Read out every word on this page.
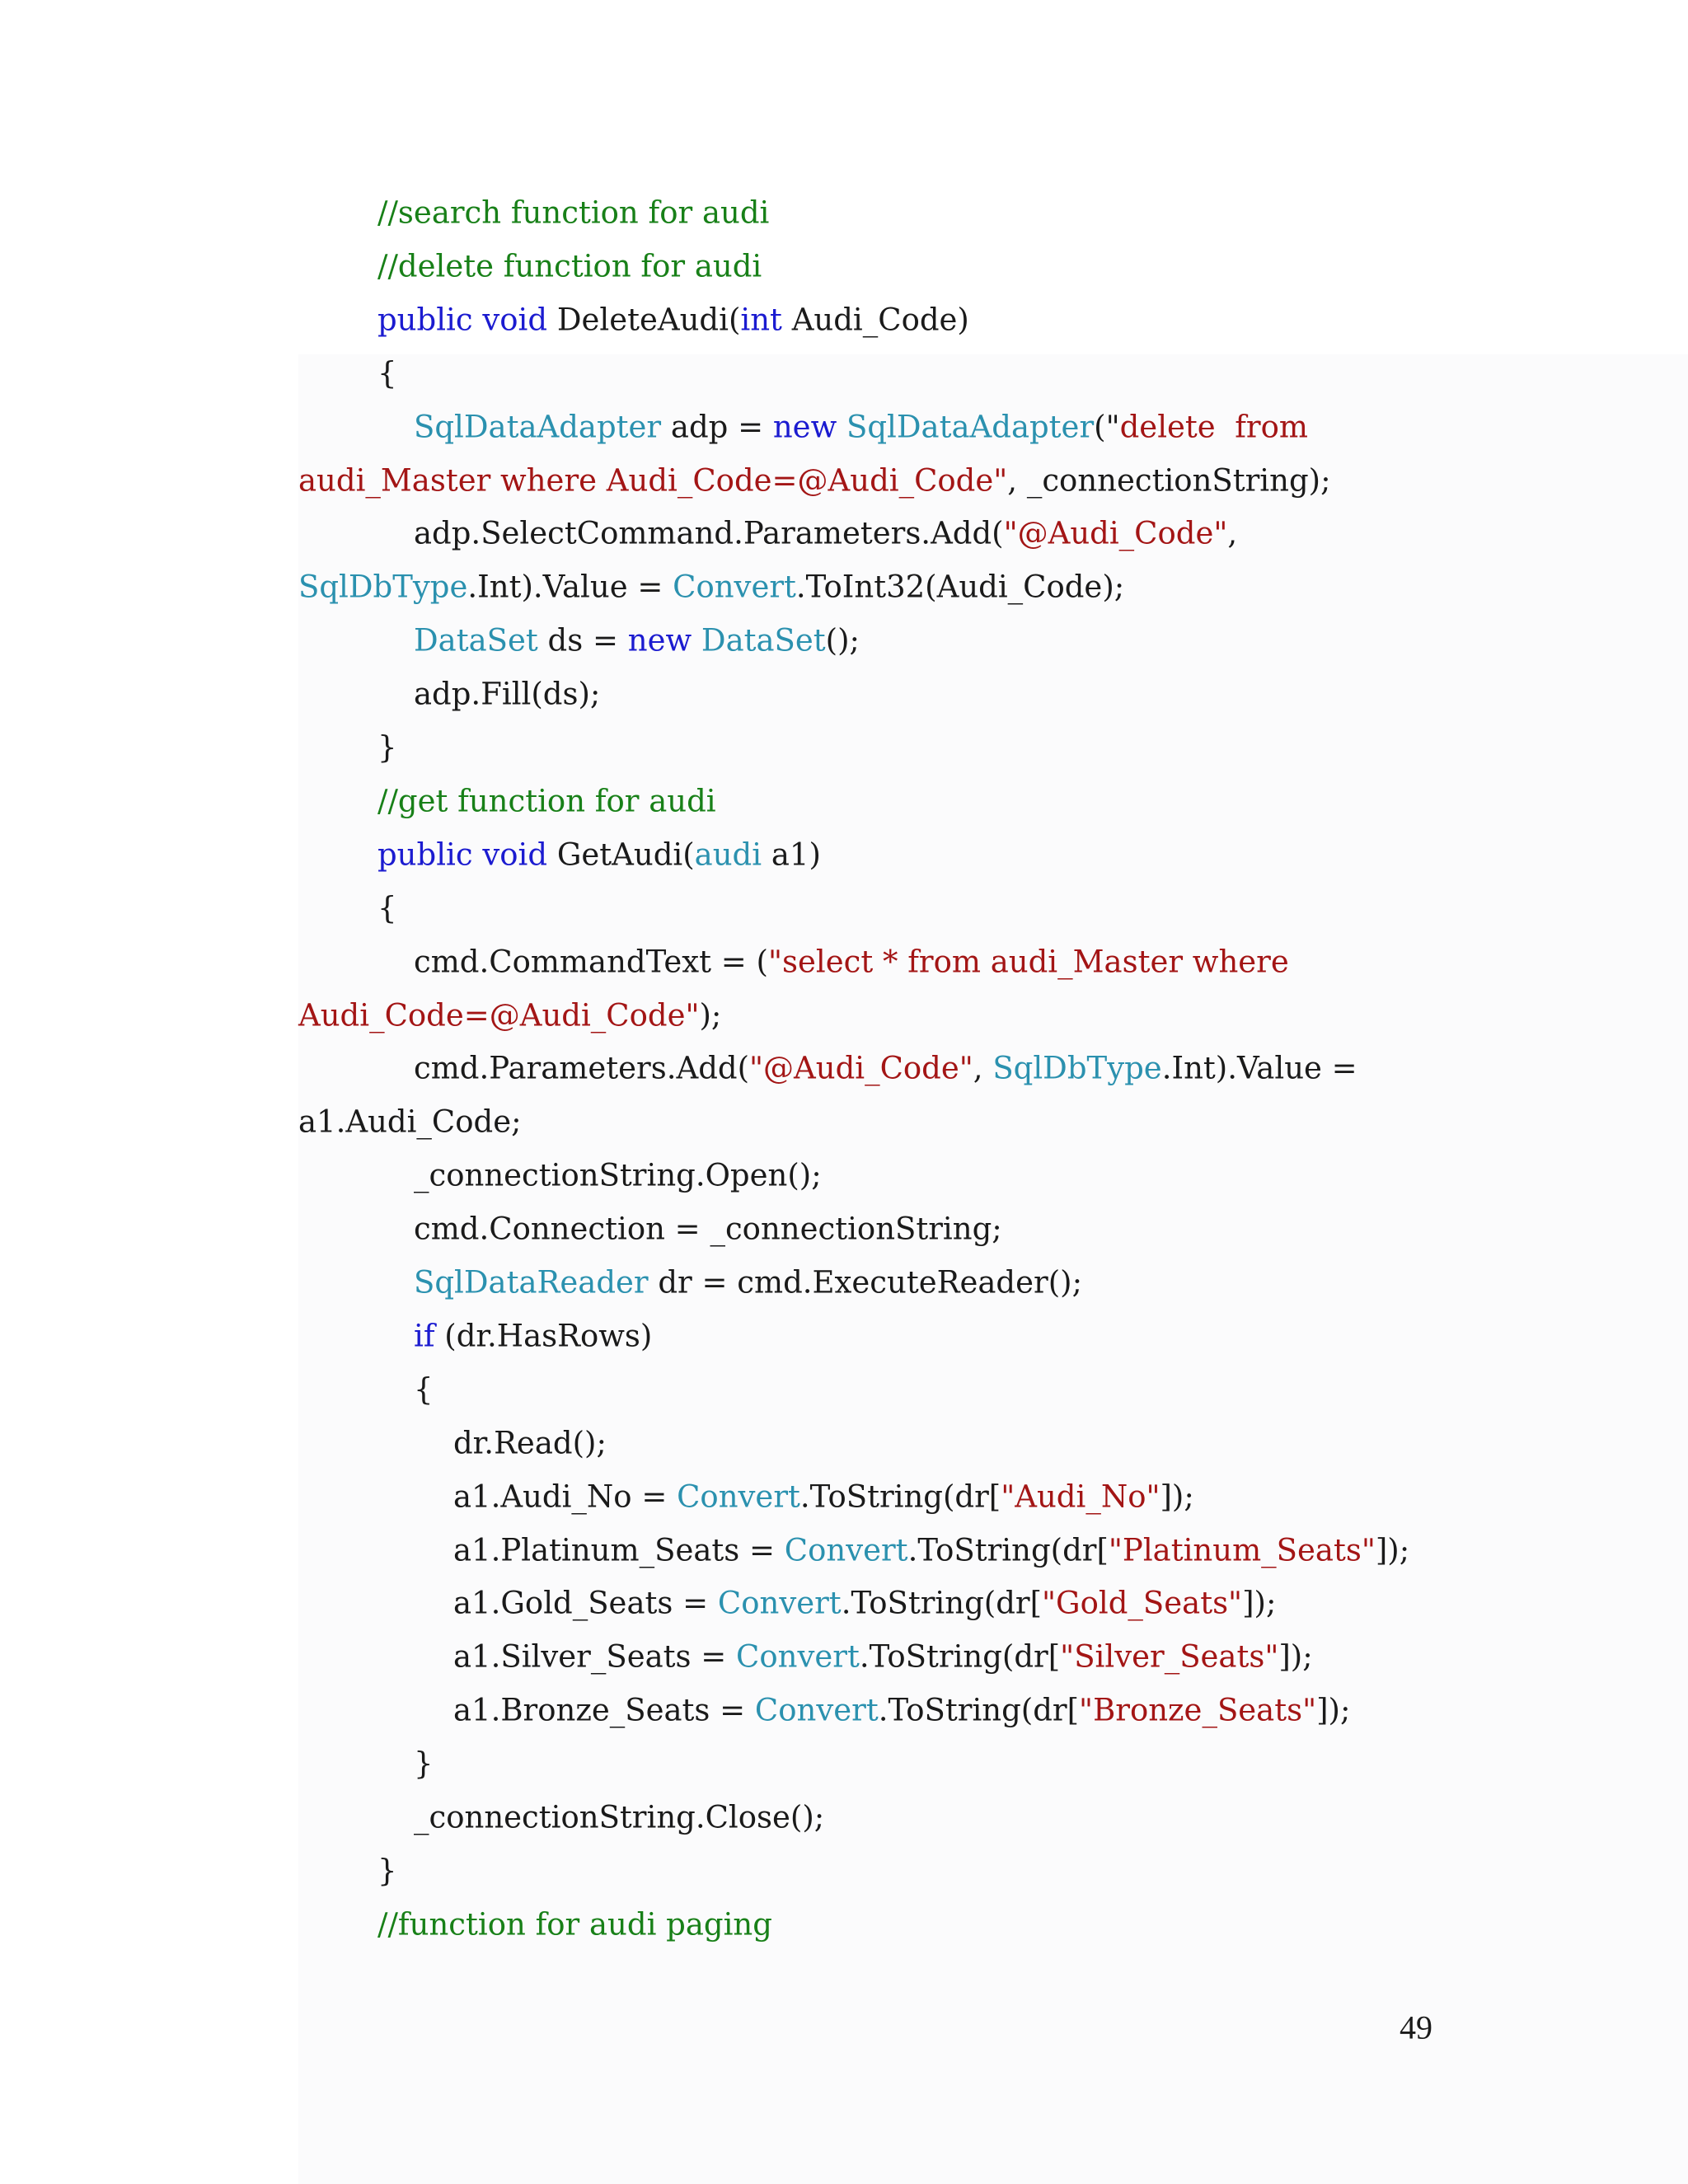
//search function for audi
//delete function for audi
public void DeleteAudi(int Audi_Code)
{
SqlDataAdapter adp = new SqlDataAdapter("delete  from
audi_Master where Audi_Code=@Audi_Code", _connectionString);
adp.SelectCommand.Parameters.Add("@Audi_Code",
SqlDbType.Int).Value = Convert.ToInt32(Audi_Code);
DataSet ds = new DataSet();
adp.Fill(ds);
}
//get function for audi
public void GetAudi(audi a1)
{
cmd.CommandText = ("select * from audi_Master where
Audi_Code=@Audi_Code");
cmd.Parameters.Add("@Audi_Code", SqlDbType.Int).Value =
a1.Audi_Code;
_connectionString.Open();
cmd.Connection = _connectionString;
SqlDataReader dr = cmd.ExecuteReader();
if (dr.HasRows)
{
dr.Read();
a1.Audi_No = Convert.ToString(dr["Audi_No"]);
a1.Platinum_Seats = Convert.ToString(dr["Platinum_Seats"]);
a1.Gold_Seats = Convert.ToString(dr["Gold_Seats"]);
a1.Silver_Seats = Convert.ToString(dr["Silver_Seats"]);
a1.Bronze_Seats = Convert.ToString(dr["Bronze_Seats"]);
}
_connectionString.Close();
}
//function for audi paging
49
